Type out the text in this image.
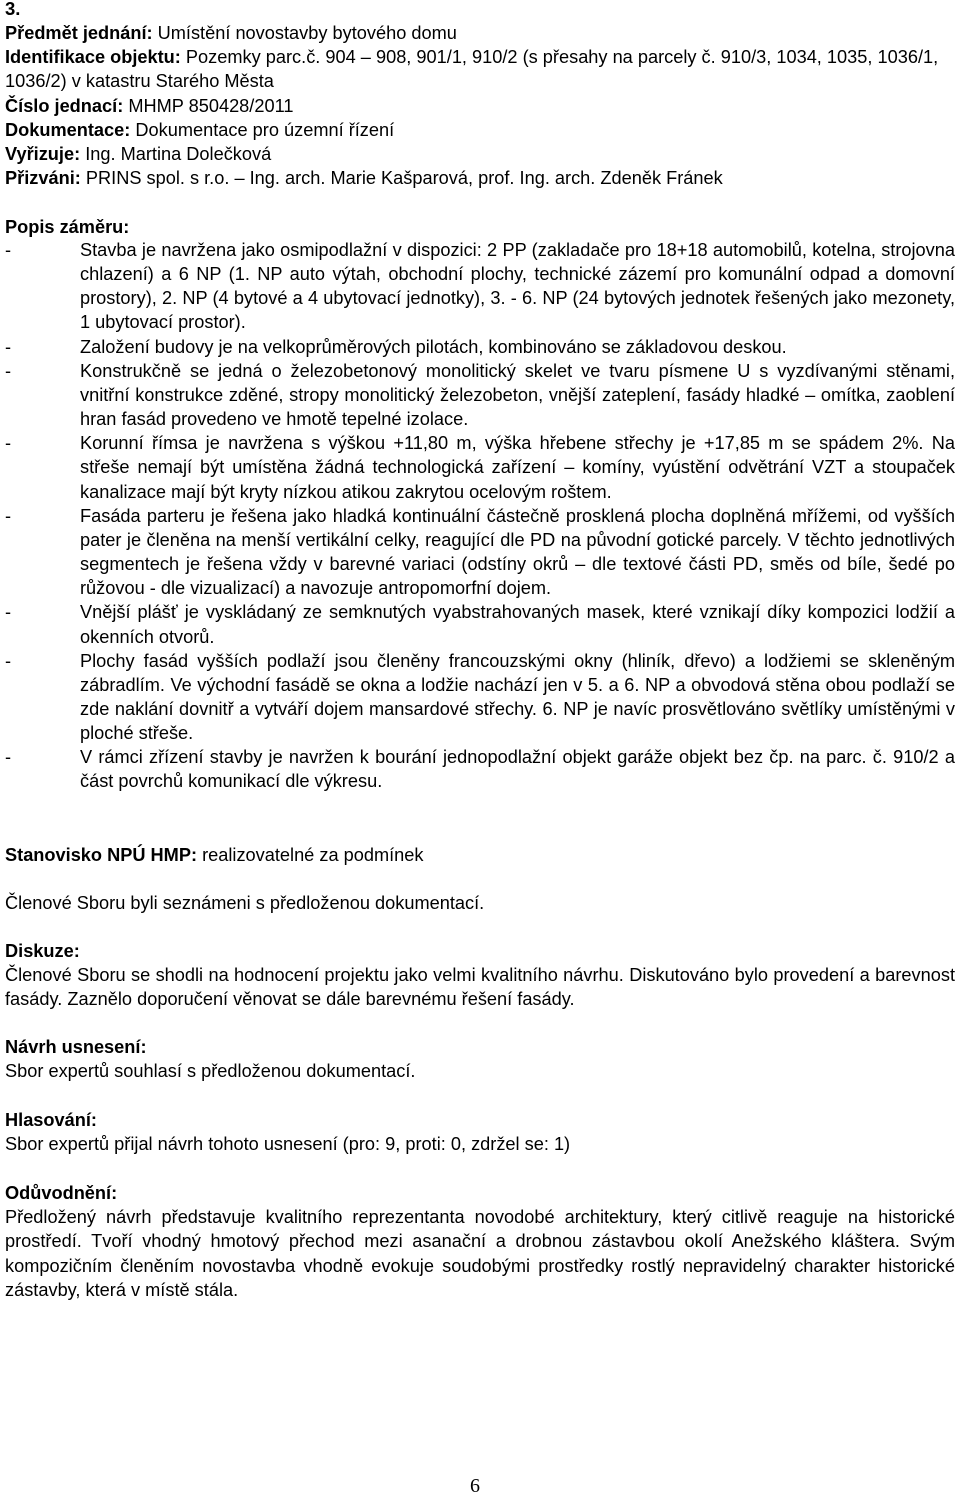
3.
Předmět jednání: Umístění novostavby bytového domu
Identifikace objektu: Pozemky parc.č. 904 – 908, 901/1, 910/2 (s přesahy na parcely č. 910/3, 1034, 1035, 1036/1, 1036/2) v katastru Starého Města
Číslo jednací: MHMP 850428/2011
Dokumentace: Dokumentace pro územní řízení
Vyřizuje: Ing. Martina Dolečková
Přizváni: PRINS spol. s r.o. – Ing. arch. Marie Kašparová, prof. Ing. arch. Zdeněk Fránek
Popis záměru:
-	Stavba je navržena jako osmipodlažní v dispozici: 2 PP (zakladače pro 18+18 automobilů, kotelna, strojovna chlazení) a 6 NP (1. NP auto výtah, obchodní plochy, technické zázemí pro komunální odpad a domovní prostory), 2. NP (4 bytové a 4 ubytovací jednotky), 3. - 6. NP (24 bytových jednotek řešených jako mezonety, 1 ubytovací prostor).
-	Založení budovy je na velkoprůměrových pilotách, kombinováno se základovou deskou.
-	Konstrukčně se jedná o železobetonový monolitický skelet ve tvaru písmene U s vyzdívanými stěnami, vnitřní konstrukce zděné, stropy monolitický železobeton, vnější zateplení, fasády hladké – omítka, zaoblení hran fasád provedeno ve hmotě tepelné izolace.
-	Korunní římsa je navržena s výškou +11,80 m, výška hřebene střechy je +17,85 m se spádem 2%. Na střeše nemají být umístěna žádná technologická zařízení – komíny, vyústění odvětrání VZT a stoupaček kanalizace mají být kryty nízkou atikou zakrytou ocelovým roštem.
-	Fasáda parteru je řešena jako hladká kontinuální částečně prosklená plocha doplněná mřížemi, od vyšších pater je členěna na menší vertikální celky, reagující dle PD na původní gotické parcely. V těchto jednotlivých segmentech je řešena vždy v barevné variaci (odstíny okrů – dle textové části PD, směs od bíle, šedé po růžovou - dle vizualizací) a navozuje antropomorfní dojem.
-	Vnější plášť je vyskládaný ze semknutých vyabstrahovaných masek, které vznikají díky kompozici lodžií a okenních otvorů.
-	Plochy fasád vyšších podlaží jsou členěny francouzskými okny (hliník, dřevo) a lodžiemi se skleněným zábradlím. Ve východní fasádě se okna a lodžie nachází jen v 5. a 6. NP a obvodová stěna obou podlaží se zde naklání dovnitř a vytváří dojem mansardové střechy. 6. NP je navíc prosvětlováno světlíky umístěnými v ploché střeše.
-	V rámci zřízení stavby je navržen k bourání jednopodlažní objekt garáže objekt bez čp. na parc. č. 910/2 a část povrchů komunikací dle výkresu.
Stanovisko NPÚ HMP: realizovatelné za podmínek
Členové Sboru byli seznámeni s předloženou dokumentací.
Diskuze:
Členové Sboru se shodli na hodnocení projektu jako velmi kvalitního návrhu. Diskutováno bylo provedení a barevnost fasády. Zaznělo doporučení věnovat se dále barevnému řešení fasády.
Návrh usnesení:
Sbor expertů souhlasí s předloženou dokumentací.
Hlasování:
Sbor expertů přijal návrh tohoto usnesení (pro: 9, proti: 0, zdržel se: 1)
Odůvodnění:
Předložený návrh představuje kvalitního reprezentanta novodobé architektury, který citlivě reaguje na historické prostředí. Tvoří vhodný hmotový přechod mezi asanační a drobnou zástavbou okolí Anežského kláštera. Svým kompozičním členěním novostavba vhodně evokuje soudobými prostředky rostlý nepravidelný charakter historické zástavby, která v místě stála.
6
